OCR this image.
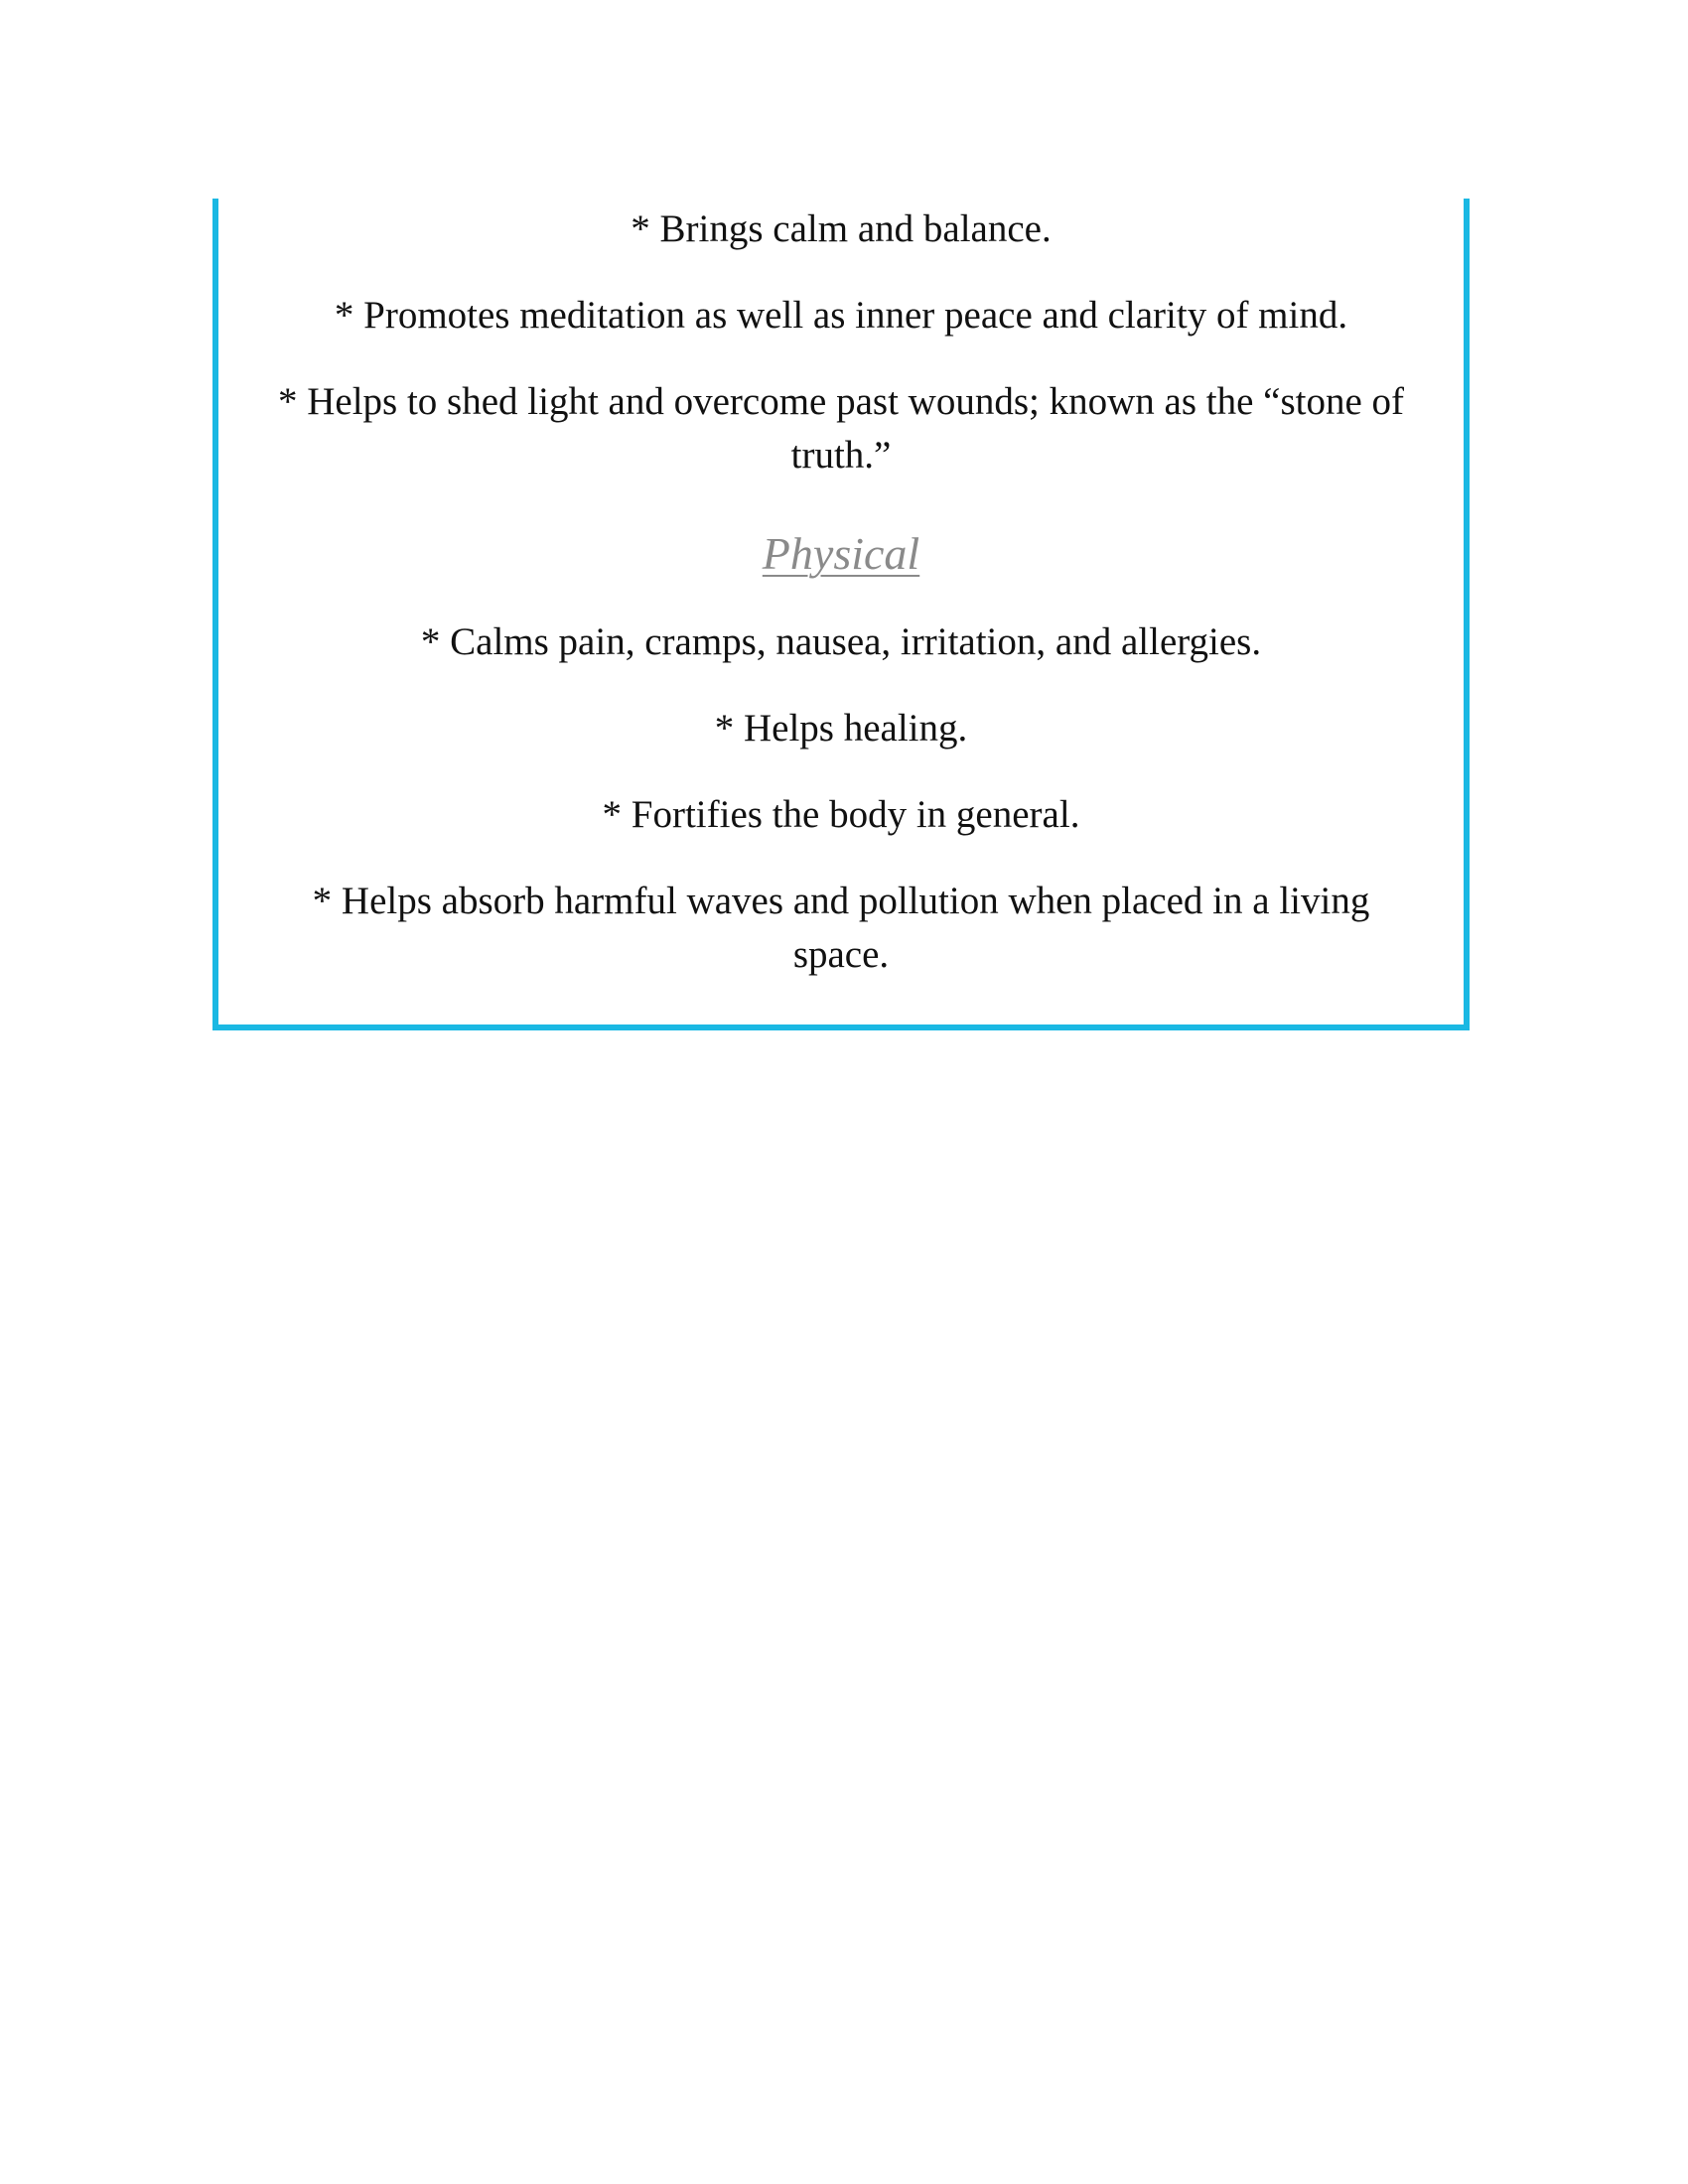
* Brings calm and balance.

* Promotes meditation as well as inner peace and clarity of mind.

* Helps to shed light and overcome past wounds; known as the “stone of truth.”

Physical

* Calms pain, cramps, nausea, irritation, and allergies.

* Helps healing.

* Fortifies the body in general.

* Helps absorb harmful waves and pollution when placed in a living space.
